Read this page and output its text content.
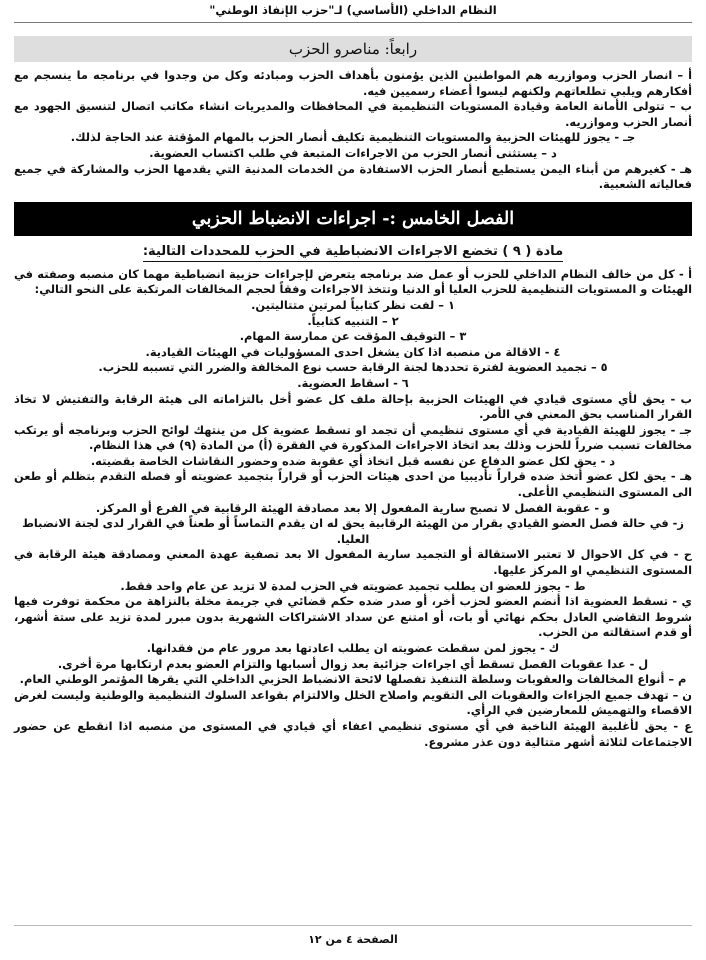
النظام الداخلي (الأساسي) لـ"حزب الإنفاذ الوطني"
رابعاً: مناصرو الحزب

أ – انصار الحزب وموازريه هم المواطنين الذين يؤمنون بأهداف الحزب ومبادئه وكل من وجدوا في برنامجه ما ينسجم مع أفكارهم ويلبي تطلعاتهم ولكنهم ليسوا أعضاء رسميين فيه.

ب – تتولى الأمانة العامة وقيادة المستويات التنظيمية في المحافظات والمديريات انشاء مكاتب اتصال لتنسيق الجهود مع أنصار الحزب وموازريه.

جـ - يجوز للهيئات الحزبية والمستويات التنظيمية تكليف أنصار الحزب بالمهام المؤقتة عند الحاجة لذلك.

د – يستثنى أنصار الحزب من الاجراءات المتبعة في طلب اكتساب العضوية.

هـ - كغيرهم من أبناء اليمن يستطيع أنصار الحزب الاستفادة من الخدمات المدنية التي يقدمها الحزب والمشاركة في جميع فعالياته الشعبية.

الفصل الخامس :- اجراءات الانضباط الحزبي
مادة ( ٩ ) تخضع الاجراءات الانضباطية في الحزب للمحددات التالية:

أ - كل من خالف النظام الداخلي للحزب أو عمل ضد برنامجه يتعرض لإجراءات حزبية انضباطية مهما كان منصبه وصفته في الهيئات و المستويات التنظيمية للحزب العليا أو الدنيا وتتخذ الاجراءات وفقاً لحجم المخالفات المرتكبة على النحو التالي:

١ – لفت نظر كتابياً لمرتين متتاليتين.
٢ – التنبيه كتابياً.
٣ – التوقيف المؤقت عن ممارسة المهام.
٤ - الاقالة من منصبه اذا كان يشغل احدى المسؤوليات في الهيئات القيادية.
٥ – تجميد العضوية لفترة تحددها لجنة الرقابة حسب نوع المخالفة والضرر التي تسببه للحزب.
٦ - اسقاط العضوية.

ب - يحق لأي مستوى قيادي في الهيئات الحزبية بإحالة ملف كل عضو أخل بالتزاماته الى هيئة الرقابة والتفتيش لا تخاذ القرار المناسب بحق المعني في الأمر.

جـ - يجوز للهيئة القيادية في أي مستوى تنظيمي أن تجمد او تسقط عضوية كل من ينتهك لوائح الحزب وبرنامجه أو يرتكب مخالفات تسبب ضرراً للحزب وذلك بعد اتخاذ الاجراءات المذكورة في الفقرة (أ) من المادة (٩) في هذا النظام.

د - يحق لكل عضو الدفاع عن نفسه قبل اتخاذ أي عقوبة ضده وحضور النقاشات الخاصة بقضيته.

هـ - يحق لكل عضو أتخذ ضده قراراً تأديبيا من احدى هيئات الحزب أو قراراً بتجميد عضويته أو فصله التقدم بتظلم أو طعن الى المستوى التنظيمي الأعلى.

و - عقوبة الفصل لا تصبح سارية المفعول إلا بعد مصادقة الهيئة الرقابية في الفرع أو المركز.

ز- في حالة فصل العضو القيادي بقرار من الهيئة الرقابية يحق له ان يقدم التماساً أو طعناً في القرار لدى لجنة الانضباط العليا.

ح - في كل الاحوال لا تعتبر الاستقالة أو التجميد سارية المفعول الا بعد تصفية عهدة المعني ومصادقة هيئة الرقابة في المستوى التنظيمي او المركز عليها.

ط - يجوز للعضو ان يطلب تجميد عضويته في الحزب لمدة لا تزيد عن عام واحد فقط.

ي - تسقط العضوية اذا أنضم العضو لحزب أخر، أو صدر ضده حكم قضائي في جريمة مخلة بالنزاهة من محكمة توفرت فيها شروط التقاضي العادل بحكم نهائي أو بات، أو امتنع عن سداد الاشتراكات الشهرية بدون مبرر لمدة تزيد على ستة أشهر، أو قدم استقالته من الحزب.

ك - يجوز لمن سقطت عضويته ان يطلب اعادتها بعد مرور عام من فقدانها.

ل - عدا عقوبات الفصل تسقط أي اجراءات جزائية بعد زوال أسبابها والتزام العضو بعدم ارتكابها مرة أخرى.

م – أنواع المخالفات والعقوبات وسلطة التنفيذ تفصلها لائحة الانضباط الحزبي الداخلي التي يقرها المؤتمر الوطني العام.

ن – تهدف جميع الجزاءات والعقوبات الى التقويم واصلاح الخلل والالتزام بقواعد السلوك التنظيمية والوطنية وليست لغرض الاقصاء والتهميش للمعارضين في الرأي.

ع - يحق لأغلبية الهيئة الناخبة في أي مستوى تنظيمي اعفاء أي قيادي في المستوى من منصبه اذا انقطع عن حضور الاجتماعات لثلاثة أشهر متتالية دون عذر مشروع.

الصفحة ٤ من ١٢
